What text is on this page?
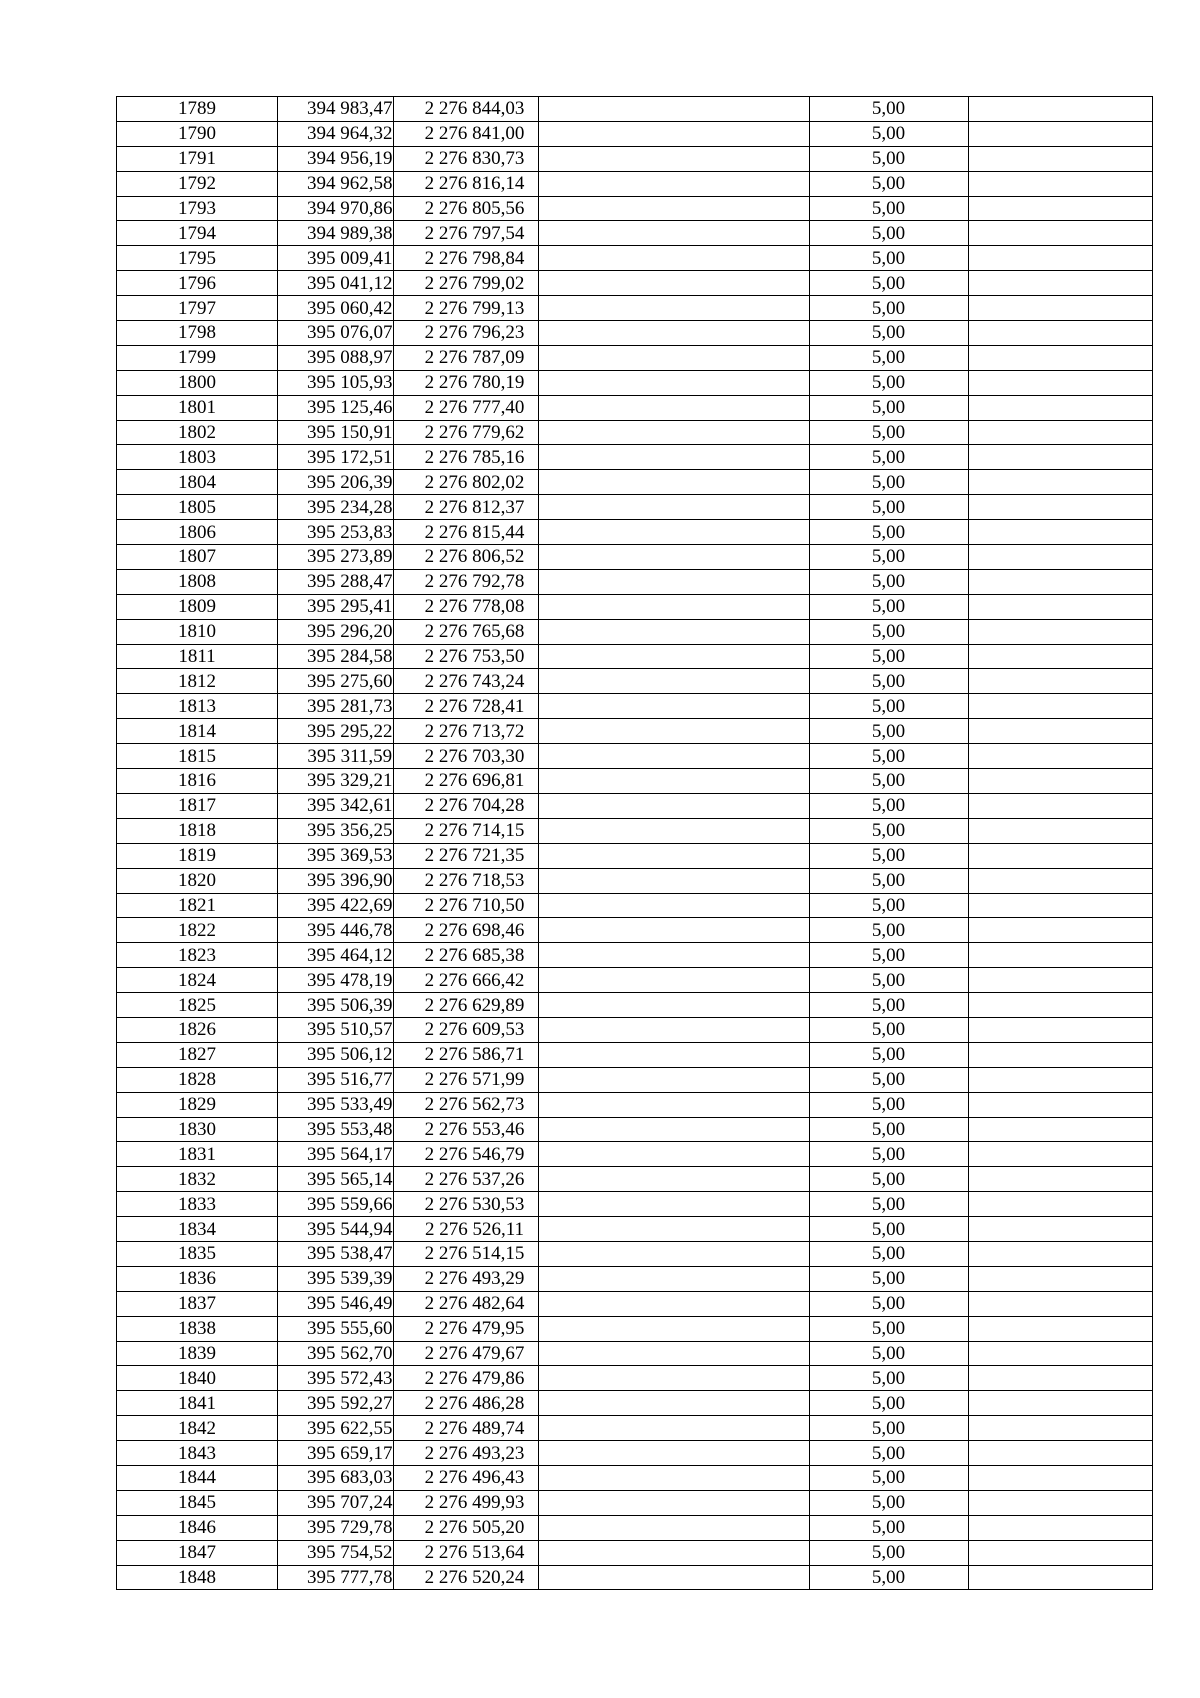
1789	394 983,47	2 276 844,03		5,00	
1790	394 964,32	2 276 841,00		5,00	
1791	394 956,19	2 276 830,73		5,00	
1792	394 962,58	2 276 816,14		5,00	
1793	394 970,86	2 276 805,56		5,00	
1794	394 989,38	2 276 797,54		5,00	
1795	395 009,41	2 276 798,84		5,00	
1796	395 041,12	2 276 799,02		5,00	
1797	395 060,42	2 276 799,13		5,00	
1798	395 076,07	2 276 796,23		5,00	
1799	395 088,97	2 276 787,09		5,00	
1800	395 105,93	2 276 780,19		5,00	
1801	395 125,46	2 276 777,40		5,00	
1802	395 150,91	2 276 779,62		5,00	
1803	395 172,51	2 276 785,16		5,00	
1804	395 206,39	2 276 802,02		5,00	
1805	395 234,28	2 276 812,37		5,00	
1806	395 253,83	2 276 815,44		5,00	
1807	395 273,89	2 276 806,52		5,00	
1808	395 288,47	2 276 792,78		5,00	
1809	395 295,41	2 276 778,08		5,00	
1810	395 296,20	2 276 765,68		5,00	
1811	395 284,58	2 276 753,50		5,00	
1812	395 275,60	2 276 743,24		5,00	
1813	395 281,73	2 276 728,41		5,00	
1814	395 295,22	2 276 713,72		5,00	
1815	395 311,59	2 276 703,30		5,00	
1816	395 329,21	2 276 696,81		5,00	
1817	395 342,61	2 276 704,28		5,00	
1818	395 356,25	2 276 714,15		5,00	
1819	395 369,53	2 276 721,35		5,00	
1820	395 396,90	2 276 718,53		5,00	
1821	395 422,69	2 276 710,50		5,00	
1822	395 446,78	2 276 698,46		5,00	
1823	395 464,12	2 276 685,38		5,00	
1824	395 478,19	2 276 666,42		5,00	
1825	395 506,39	2 276 629,89		5,00	
1826	395 510,57	2 276 609,53		5,00	
1827	395 506,12	2 276 586,71		5,00	
1828	395 516,77	2 276 571,99		5,00	
1829	395 533,49	2 276 562,73		5,00	
1830	395 553,48	2 276 553,46		5,00	
1831	395 564,17	2 276 546,79		5,00	
1832	395 565,14	2 276 537,26		5,00	
1833	395 559,66	2 276 530,53		5,00	
1834	395 544,94	2 276 526,11		5,00	
1835	395 538,47	2 276 514,15		5,00	
1836	395 539,39	2 276 493,29		5,00	
1837	395 546,49	2 276 482,64		5,00	
1838	395 555,60	2 276 479,95		5,00	
1839	395 562,70	2 276 479,67		5,00	
1840	395 572,43	2 276 479,86		5,00	
1841	395 592,27	2 276 486,28		5,00	
1842	395 622,55	2 276 489,74		5,00	
1843	395 659,17	2 276 493,23		5,00	
1844	395 683,03	2 276 496,43		5,00	
1845	395 707,24	2 276 499,93		5,00	
1846	395 729,78	2 276 505,20		5,00	
1847	395 754,52	2 276 513,64		5,00	
1848	395 777,78	2 276 520,24		5,00	
